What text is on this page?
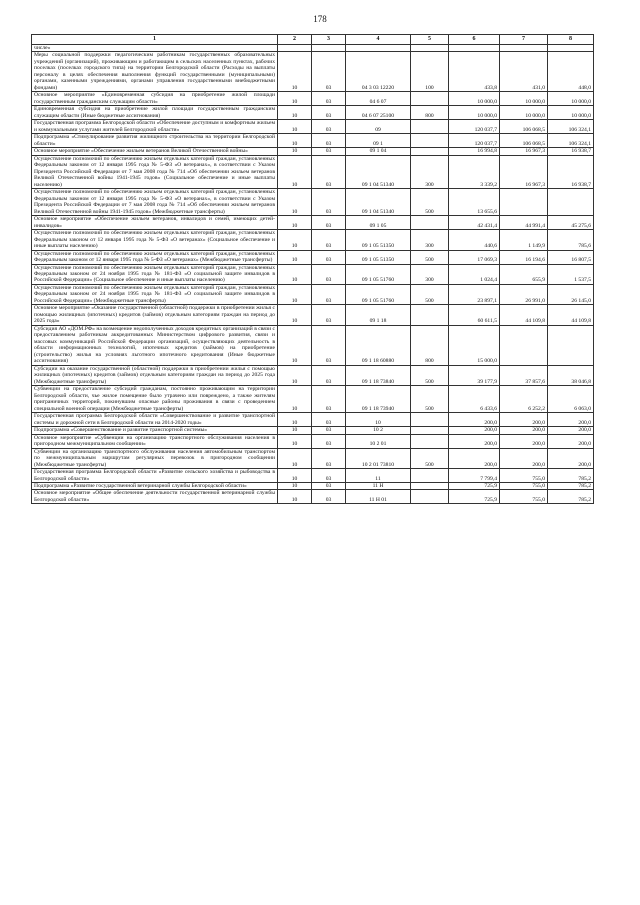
178
1	2	3	4	5	6	7	8
числе»							
Меры социальной поддержки педагогическим работникам государственных образовательных учреждений (организаций), проживающим и работающим в сельских населенных пунктах, рабочих поселках (поселках городского типа) на территории Белгородской области (Расходы на выплаты персоналу в целях обеспечения выполнения функций государственными (муниципальными) органами, казенными учреждениями, органами управления государственными внебюджетными фондами)	10	03	04 3 03 12220	100	433,8	431,0	448,0
Основное мероприятие «Единовременная субсидия на приобретение жилой площади государственным гражданским служащим области»	10	03	04 6 07		10 000,0	10 000,0	10 000,0
Единовременная субсидия на приобретение жилой площади государственным гражданским служащим области (Иные бюджетные ассигнования)	10	03	04 6 07 25100	800	10 000,0	10 000,0	10 000,0
Государственная программа Белгородской области «Обеспечение доступным и комфортным жильем и коммунальными услугами жителей Белгородской области»	10	03	09		120 037,7	106 068,5	106 324,1
Подпрограмма «Стимулирование развития жилищного строительства на территории Белгородской области»	10	03	09 1		120 037,7	106 068,5	106 324,1
Основное мероприятие «Обеспечение жильем ветеранов Великой Отечественной войны»	10	03	09 1 04		16 994,8	16 967,3	16 938,7
Осуществление полномочий по обеспечению жильем отдельных категорий граждан, установленных Федеральным законом от 12 января 1995 года № 5-ФЗ «О ветеранах», в соответствии с Указом Президента Российской Федерации от 7 мая 2008 года № 714 «Об обеспечении жильем ветеранов Великой Отечественной войны 1941-1945 годов» (Социальное обеспечение и иные выплаты населению)	10	03	09 1 04 51340	300	3 339,2	16 967,3	16 938,7
Осуществление полномочий по обеспечению жильем отдельных категорий граждан, установленных Федеральным законом от 12 января 1995 года № 5-ФЗ «О ветеранах», в соответствии с Указом Президента Российской Федерации от 7 мая 2008 года № 714 «Об обеспечении жильем ветеранов Великой Отечественной войны 1941-1945 годов» (Межбюджетные трансферты)	10	03	09 1 04 51340	500	13 655,6		
Основное мероприятие «Обеспечение жильем ветеранов, инвалидов и семей, имеющих детей-инвалидов»	10	03	09 1 05		42 431,4	44 991,4	45 275,6
Осуществление полномочий по обеспечению жильем отдельных категорий граждан, установленных Федеральным законом от 12 января 1995 года № 5-ФЗ «О ветеранах» (Социальное обеспечение и иные выплаты населению)	10	03	09 1 05 51350	300	440,6	1 149,9	785,6
Осуществление полномочий по обеспечению жильем отдельных категорий граждан, установленных Федеральным законом от 12 января 1995 года № 5-ФЗ «О ветеранах» (Межбюджетные трансферты)	10	03	09 1 05 51350	500	17 069,3	16 194,6	16 807,5
Осуществление полномочий по обеспечению жильем отдельных категорий граждан, установленных Федеральным законом от 24 ноября 1995 года № 181-ФЗ «О социальной защите инвалидов в Российской Федерации» (Социальное обеспечение и иные выплаты населению)	10	03	09 1 05 51760	300	1 024,4	655,9	1 537,5
Осуществление полномочий по обеспечению жильем отдельных категорий граждан, установленных Федеральным законом от 24 ноября 1995 года № 181-ФЗ «О социальной защите инвалидов в Российской Федерации» (Межбюджетные трансферты)	10	03	09 1 05 51760	500	23 897,1	26 991,0	26 145,0
Основное мероприятие «Оказание государственной (областной) поддержки в приобретении жилья с помощью жилищных (ипотечных) кредитов (займов) отдельным категориям граждан на период до 2025 года»	10	03	09 1 18		60 611,5	44 109,8	44 109,8
Субсидия АО «ДОМ.РФ» на возмещение недополученных доходов кредитных организаций в связи с предоставлением работникам аккредитованных Министерством цифрового развития, связи и массовых коммуникаций Российской Федерации организаций, осуществляющих деятельность в области информационных технологий, ипотечных кредитов (займов) на приобретение (строительство) жилья на условиях льготного ипотечного кредитования (Иные бюджетные ассигнования)	10	03	09 1 18 60880	800	15 000,0		
Субсидии на оказание государственной (областной) поддержки в приобретении жилья с помощью жилищных (ипотечных) кредитов (займов) отдельным категориям граждан на период до 2025 года (Межбюджетные трансферты)	10	03	09 1 18 73840	500	39 177,9	37 857,6	38 046,8
Субвенции на предоставление субсидий гражданам, постоянно проживающим на территории Белгородской области, чье жилое помещение было утрачено или повреждено, а также жителям приграничных территорий, покинувшим опасные районы проживания в связи с проведением специальной военной операции (Межбюджетные трансферты)	10	03	09 1 18 73940	500	6 433,6	6 252,2	6 063,0
Государственная программа Белгородской области «Совершенствование и развитие транспортной системы и дорожной сети в Белгородской области на 2014-2020 годы»	10	03	10		200,0	200,0	200,0
Подпрограмма «Совершенствование и развитие транспортной системы»	10	03	10 2		200,0	200,0	200,0
Основное мероприятие «Субвенции на организацию транспортного обслуживания населения в пригородном межмуниципальном сообщении»	10	03	10 2 01		200,0	200,0	200,0
Субвенции на организацию транспортного обслуживания населения автомобильным транспортом по межмуниципальным маршрутам регулярных перевозок в пригородном сообщении (Межбюджетные трансферты)	10	03	10 2 01 73810	500	200,0	200,0	200,0
Государственная программа Белгородской области «Развитие сельского хозяйства и рыбоводства в Белгородской области»	10	03	11		7 799,4	755,0	785,2
Подпрограмма «Развитие государственной ветеринарной службы Белгородской области»	10	03	11 Н		725,9	755,0	785,2
Основное мероприятие «Общее обеспечение деятельности государственной ветеринарной службы Белгородской области»	10	03	11 Н 01		725,9	755,0	785,2
